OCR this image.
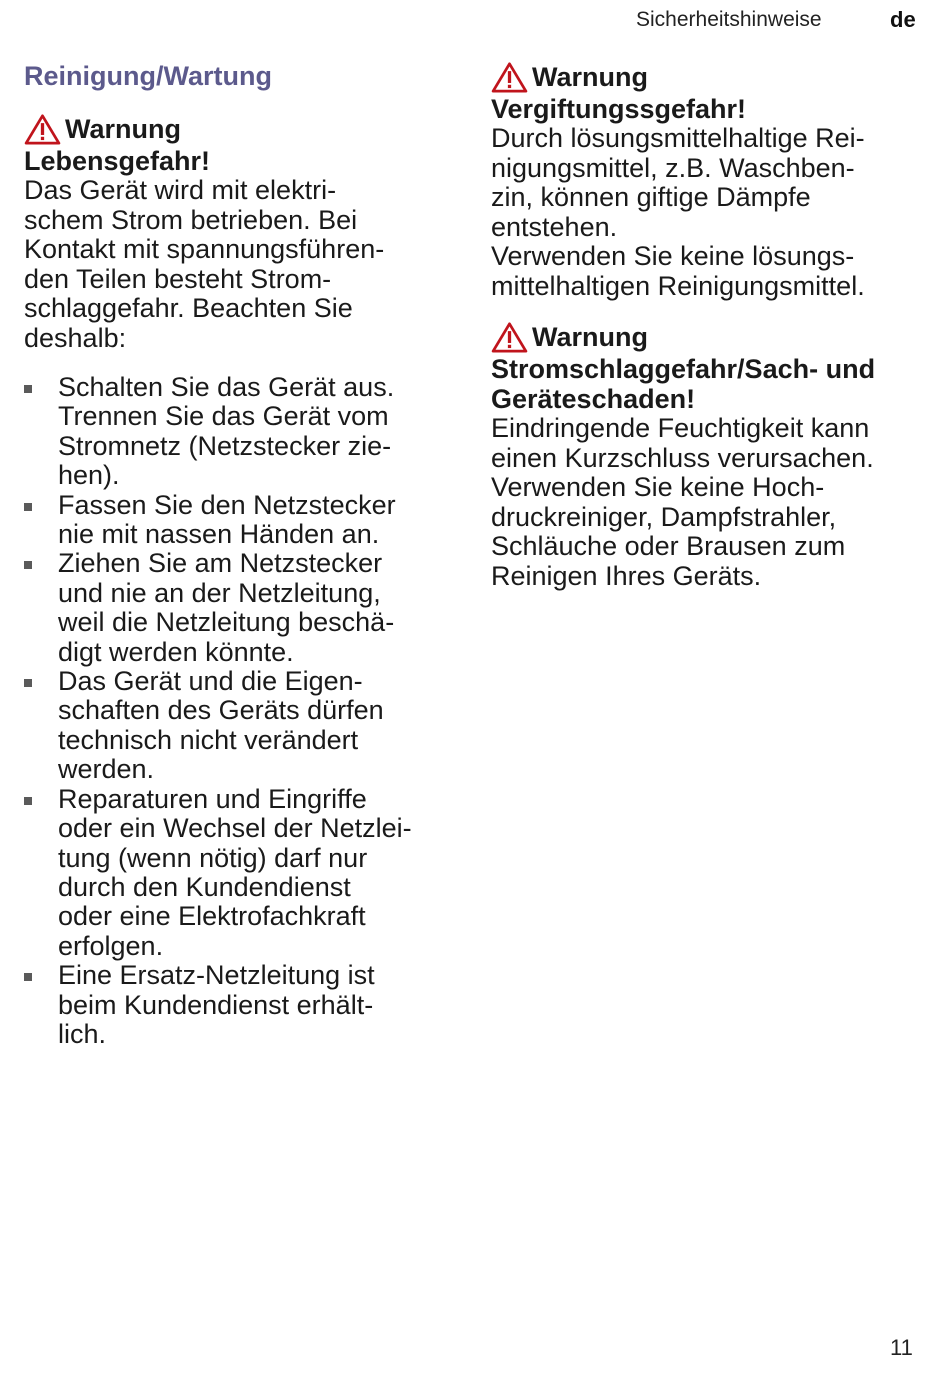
Sicherheitshinweise	de
Reinigung/Wartung
Warnung
Lebensgefahr!
Das Gerät wird mit elektri-
schem Strom betrieben. Bei
Kontakt mit spannungsführen-
den Teilen besteht Strom-
schlaggefahr. Beachten Sie
deshalb:
Schalten Sie das Gerät aus.
Trennen Sie das Gerät vom
Stromnetz (Netzstecker zie-
hen).
Fassen Sie den Netzstecker
nie mit nassen Händen an.
Ziehen Sie am Netzstecker
und nie an der Netzleitung,
weil die Netzleitung beschä-
digt werden könnte.
Das Gerät und die Eigen-
schaften des Geräts dürfen
technisch nicht verändert
werden.
Reparaturen und Eingriffe
oder ein Wechsel der Netzlei-
tung (wenn nötig) darf nur
durch den Kundendienst
oder eine Elektrofachkraft
erfolgen.
Eine Ersatz-Netzleitung ist
beim Kundendienst erhält-
lich.
Warnung
Vergiftungssgefahr!
Durch lösungsmittelhaltige Rei-
nigungsmittel, z.B. Waschben-
zin, können giftige Dämpfe
entstehen.
Verwenden Sie keine lösungs-
mittelhaltigen Reinigungsmittel.
Warnung
Stromschlaggefahr/Sach- und
Geräteschaden!
Eindringende Feuchtigkeit kann
einen Kurzschluss verursachen.
Verwenden Sie keine Hoch-
druckreiniger, Dampfstrahler,
Schläuche oder Brausen zum
Reinigen Ihres Geräts.
11
